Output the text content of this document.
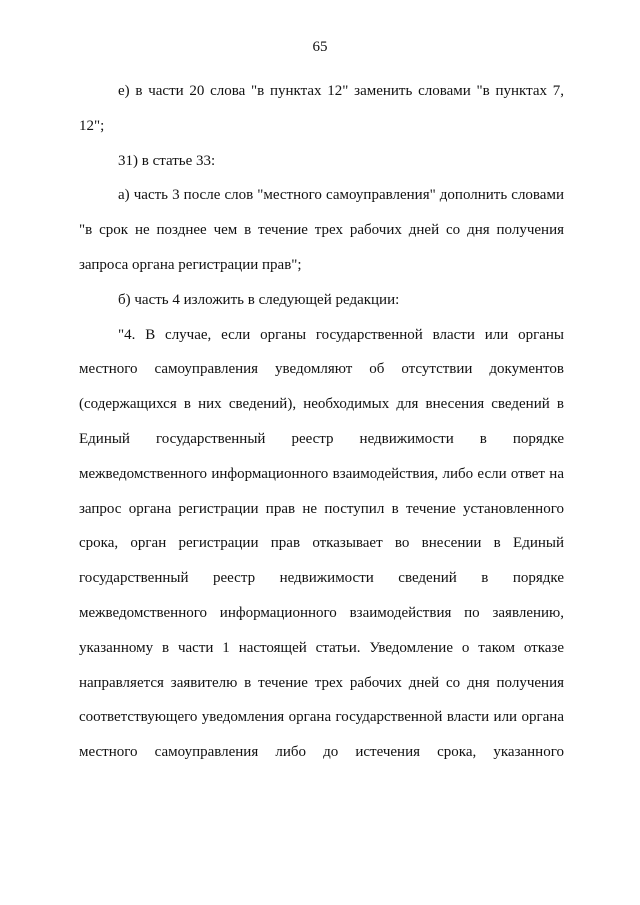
65

е) в части 20 слова "в пунктах 12" заменить словами "в пунктах 7, 12";

31) в статье 33:

а) часть 3 после слов "местного самоуправления" дополнить словами "в срок не позднее чем в течение трех рабочих дней со дня получения запроса органа регистрации прав";

б) часть 4 изложить в следующей редакции:

"4. В случае, если органы государственной власти или органы местного самоуправления уведомляют об отсутствии документов (содержащихся в них сведений), необходимых для внесения сведений в Единый государственный реестр недвижимости в порядке межведомственного информационного взаимодействия, либо если ответ на запрос органа регистрации прав не поступил в течение установленного срока, орган регистрации прав отказывает во внесении в Единый государственный реестр недвижимости сведений в порядке межведомственного информационного взаимодействия по заявлению, указанному в части 1 настоящей статьи. Уведомление о таком отказе направляется заявителю в течение трех рабочих дней со дня получения соответствующего уведомления органа государственной власти или органа местного самоуправления либо до истечения срока, указанного
